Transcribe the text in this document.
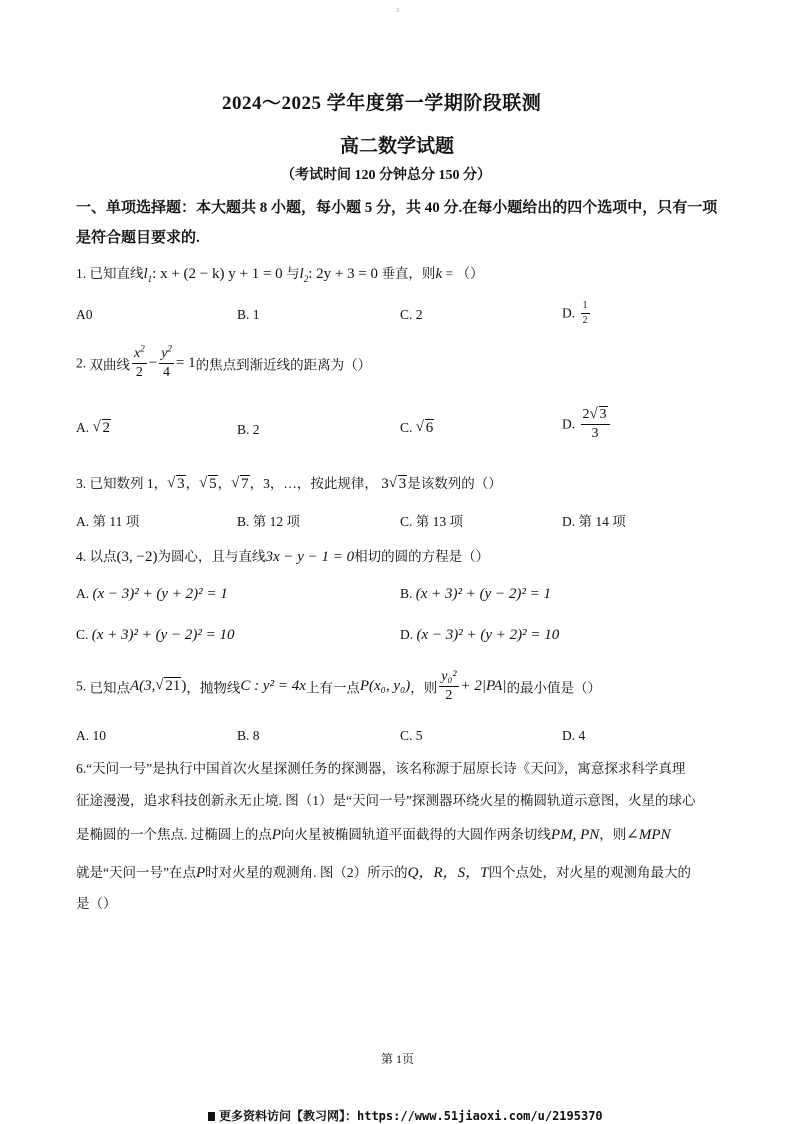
3
2024～2025 学年度第一学期阶段联测
高二数学试题
（考试时间 120 分钟总分 150 分）
一、单项选择题：本大题共 8 小题，每小题 5 分，共 40 分.在每小题给出的四个选项中，只有一项是符合题目要求的.
1. 已知直线$l_1$: x + (2 − k) y + 1 = 0 与$l_2$: 2y + 3 = 0 垂直，则k = （）
A0	B. 1	C. 2	D. $\frac{1}{2}$
2. 双曲线 $\frac{x^2}{2} - \frac{y^2}{4} = 1$的焦点到渐近线的距离为（）
A. √ 2	B. 2	C. √ 6	D. $\frac{2 √ 3}{3}$
3. 已知数列 1， √ 3， √ 5， √ 7，3，…，按此规律， 3 √ 3是该数列的（）
A. 第 11 项	B. 第 12 项	C. 第 13 项	D. 第 14 项
4. 以点(3, −2)为圆心，且与直线3x − y − 1 = 0相切的圆的方程是（）
A. (x − 3)² + (y + 2)² = 1	B. (x + 3)² + (y − 2)² = 1
C. (x + 3)² + (y − 2)² = 10	D. (x − 3)² + (y + 2)² = 10
5. 已知点A(3, √ 21)，抛物线C : y² = 4x上有一点P(x₀, y₀)，则 $\frac{\text{y₀²}}{2} + 2|PA|$的最小值是（）
A. 10	B. 8	C. 5	D. 4
6.“天问一号”是执行中国首次火星探测任务的探测器，该名称源于屈原长诗《天问》，寓意探求科学真理
征途漫漫，追求科技创新永无止境. 图（1）是“天问一号”探测器环绕火星的椭圆轨道示意图，火星的球心
是椭圆的一个焦点. 过椭圆上的点P向火星被椭圆轨道平面截得的大圆作两条切线PM, PN，则∠MPN
就是“天问一号”在点P时对火星的观测角. 图（2）所示的Q，R，S，T四个点处，对火星的观测角最大的
是（）
第 1页
更多资料访问【教习网】：https://www.51jiaoxi.com/u/2195370
